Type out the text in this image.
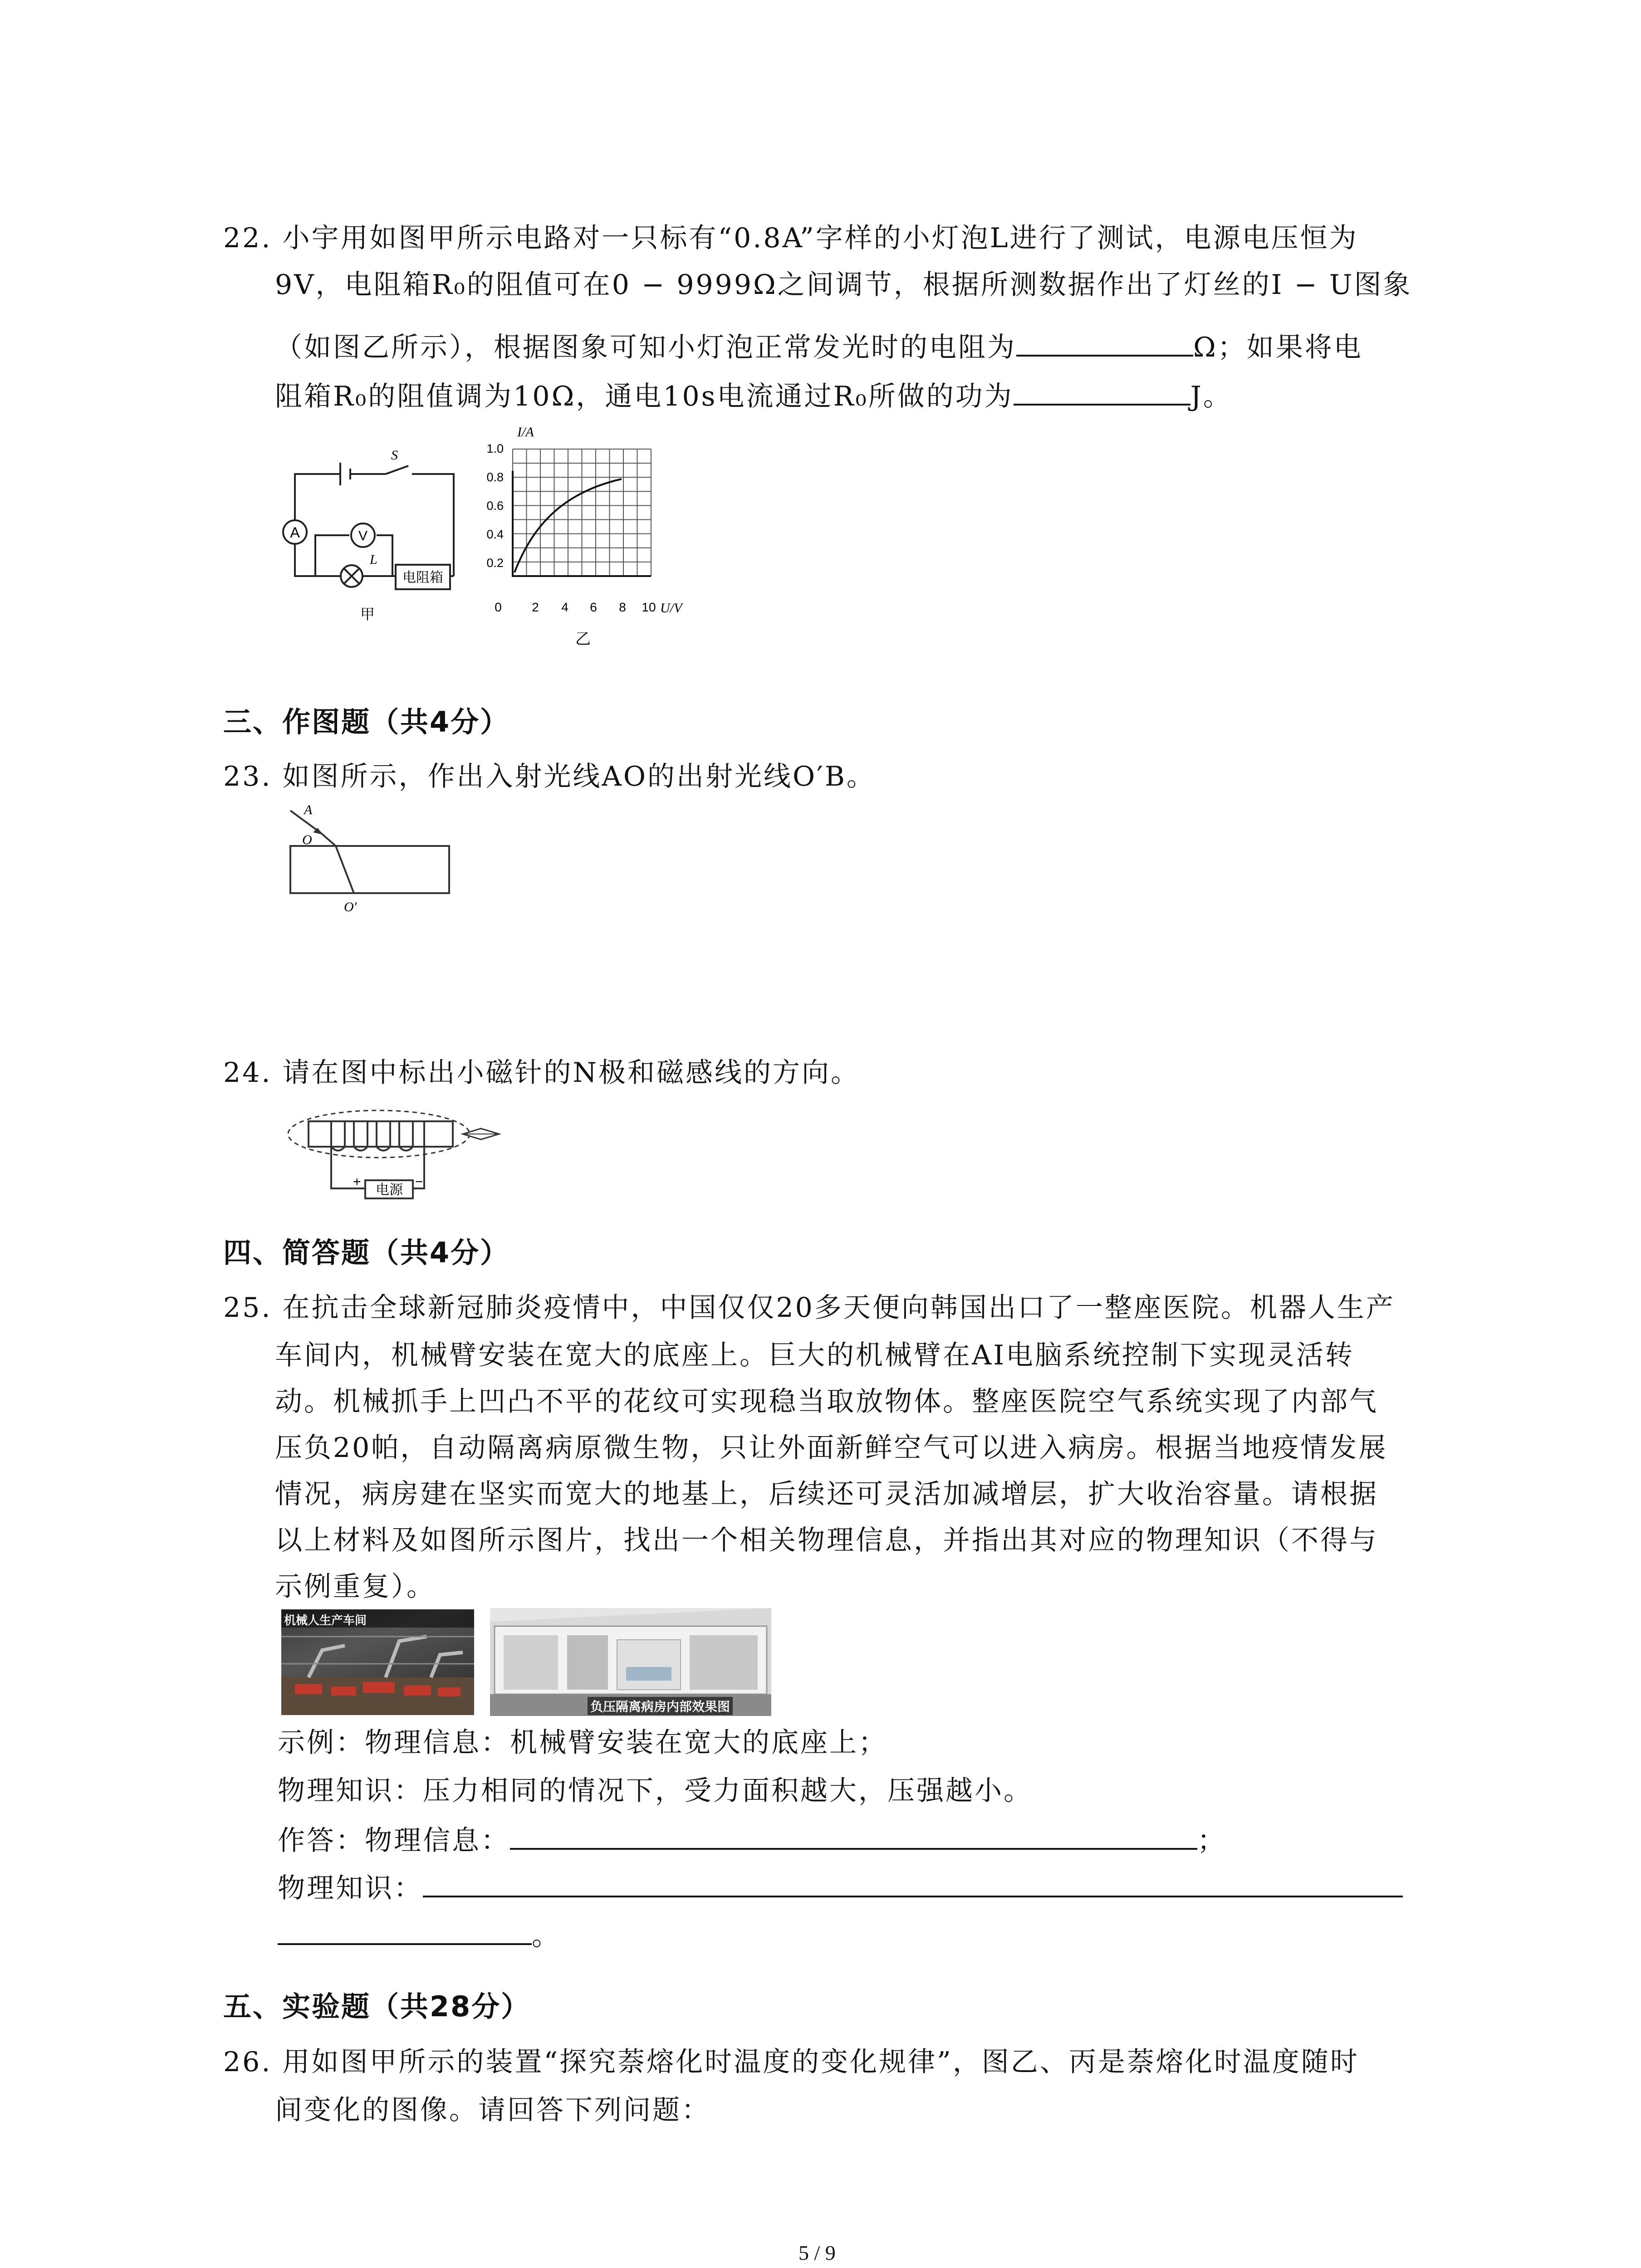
22. 小宇用如图甲所示电路对一只标有“0.8A”字样的小灯泡L进行了测试，电源电压恒为
9V，电阻箱R₀的阻值可在0 − 9999Ω之间调节，根据所测数据作出了灯丝的I − U图象
（如图乙所示），根据图象可知小灯泡正常发光时的电阻为	Ω；如果将电
阻箱R₀的阻值调为10Ω，通电10s电流通过R₀所做的功为	J。
A	V
L
电阻箱
S
甲
I/A
U/V
1.0
0.8
0.6
0.4
0.2
0 2 4 6 8 10
乙
三、作图题（共4分）
23. 如图所示，作出入射光线AO的出射光线O′B。
A
O
O′
24. 请在图中标出小磁针的N极和磁感线的方向。
电源
+	−
四、简答题（共4分）
25. 在抗击全球新冠肺炎疫情中，中国仅仅20多天便向韩国出口了一整座医院。机器人生产
车间内，机械臂安装在宽大的底座上。巨大的机械臂在AI电脑系统控制下实现灵活转
动。机械抓手上凹凸不平的花纹可实现稳当取放物体。整座医院空气系统实现了内部气
压负20帕，自动隔离病原微生物，只让外面新鲜空气可以进入病房。根据当地疫情发展
情况，病房建在坚实而宽大的地基上，后续还可灵活加减增层，扩大收治容量。请根据
以上材料及如图所示图片，找出一个相关物理信息，并指出其对应的物理知识（不得与
示例重复）。
机械人生产车间
负压隔离病房内部效果图
示例：物理信息：机械臂安装在宽大的底座上；
物理知识：压力相同的情况下，受力面积越大，压强越小。
作答：物理信息：	；
物理知识：
。
五、实验题（共28分）
26. 用如图甲所示的装置“探究萘熔化时温度的变化规律”，图乙、丙是萘熔化时温度随时
间变化的图像。请回答下列问题：
5 / 9
